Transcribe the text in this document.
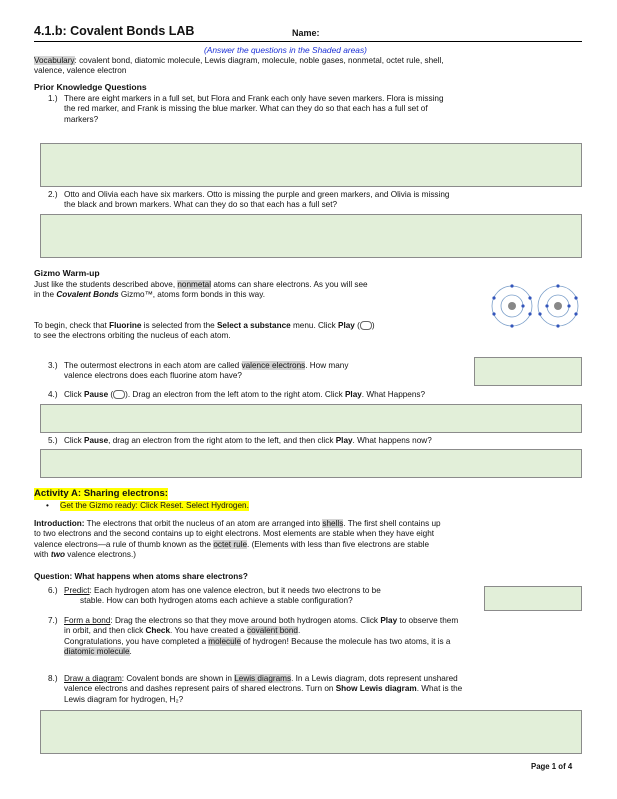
4.1.b: Covalent Bonds LAB	Name:
(Answer the questions in the Shaded areas)

Vocabulary: covalent bond, diatomic molecule, Lewis diagram, molecule, noble gases, nonmetal, octet rule, shell,

valence, valence electron

Prior Knowledge Questions
1.) There are eight markers in a full set, but Flora and Frank each only have seven markers. Flora is missing

the red marker, and Frank is missing the blue marker. What can they do so that each has a full set of

markers?

2.) Otto and Olivia each have six markers. Otto is missing the purple and green markers, and Olivia is missing

the black and brown markers. What can they do so that each has a full set?

Gizmo Warm-up

Just like the students described above, nonmetal atoms can share electrons. As you will see

in the Covalent Bonds Gizmo™, atoms form bonds in this way.

To begin, check that Fluorine is selected from the Select a substance menu. Click Play ( )

to see the electrons orbiting the nucleus of each atom.

3.) The outermost electrons in each atom are called valence electrons. How many

valence electrons does each fluorine atom have?

4.) Click Pause ( ). Drag an electron from the left atom to the right atom. Click Play. What Happens?

5.) Click Pause, drag an electron from the right atom to the left, and then click Play. What happens now?

Activity A: Sharing electrons:
• Get the Gizmo ready: Click Reset. Select Hydrogen.

Introduction: The electrons that orbit the nucleus of an atom are arranged into shells. The first shell contains up

to two electrons and the second contains up to eight electrons. Most elements are stable when they have eight

valence electrons—a rule of thumb known as the octet rule. (Elements with less than five electrons are stable

with two valence electrons.)

Question: What happens when atoms share electrons?
6.) Predict: Each hydrogen atom has one valence electron, but it needs two electrons to be

stable. How can both hydrogen atoms each achieve a stable configuration?

7.) Form a bond: Drag the electrons so that they move around both hydrogen atoms. Click Play to observe them

in orbit, and then click Check. You have created a covalent bond.

Congratulations, you have completed a molecule of hydrogen! Because the molecule has two atoms, it is a

diatomic molecule.

8.) Draw a diagram: Covalent bonds are shown in Lewis diagrams. In a Lewis diagram, dots represent unshared

valence electrons and dashes represent pairs of shared electrons. Turn on Show Lewis diagram. What is the

Lewis diagram for hydrogen, H₂?

Page 1 of 4
